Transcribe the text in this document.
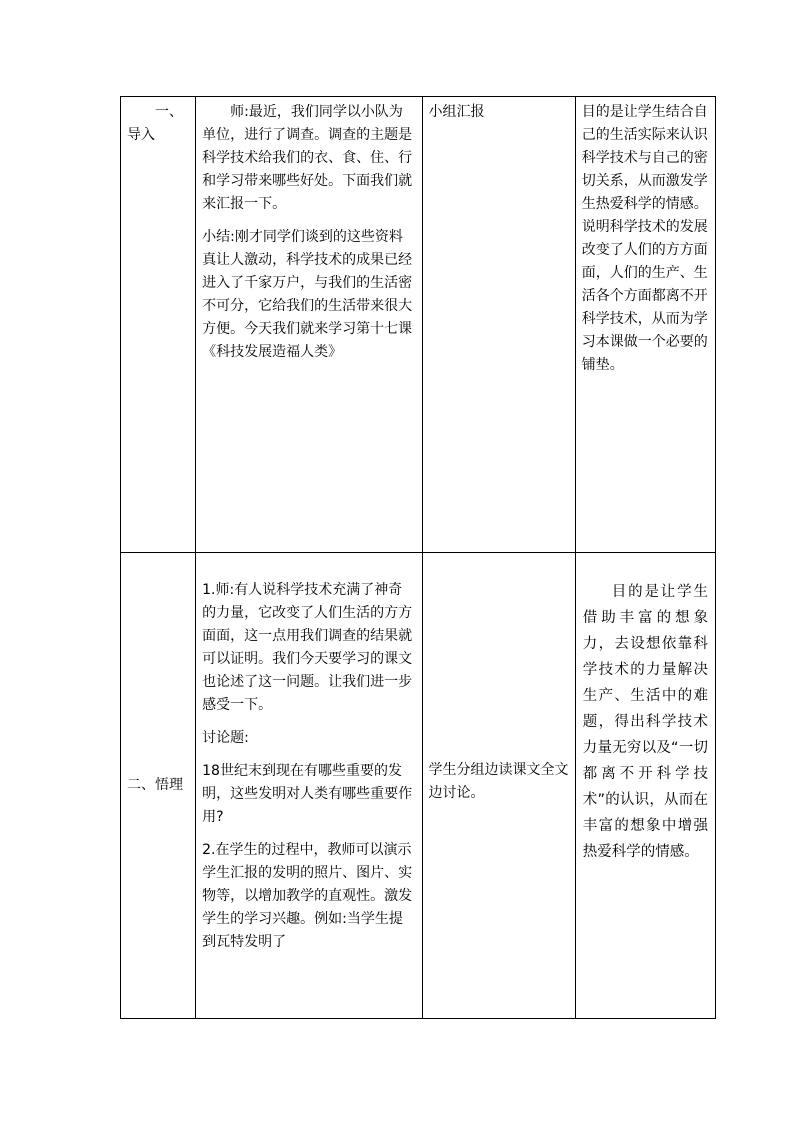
一、导入	师:最近，我们同学以小队为单位，进行了调查。调查的主题是科学技术给我们的衣、食、住、行和学习带来哪些好处。下面我们就来汇报一下。

小结:刚才同学们谈到的这些资料真让人激动，科学技术的成果已经进入了千家万户，与我们的生活密不可分，它给我们的生活带来很大方便。今天我们就来学习第十七课《科技发展造福人类》	小组汇报	目的是让学生结合自己的生活实际来认识科学技术与自己的密切关系，从而激发学生热爱科学的情感。说明科学技术的发展改变了人们的方方面面，人们的生产、生活各个方面都离不开科学技术，从而为学习本课做一个必要的铺垫。

二、悟理	1.师:有人说科学技术充满了神奇的力量，它改变了人们生活的方方面面，这一点用我们调查的结果就可以证明。我们今天要学习的课文也论述了这一问题。让我们进一步感受一下。

讨论题:

18世纪末到现在有哪些重要的发明，这些发明对人类有哪些重要作用?

2.在学生的过程中，教师可以演示学生汇报的发明的照片、图片、实物等，以增加教学的直观性。激发学生的学习兴趣。例如:当学生提到瓦特发明了	学生分组边读课文全文边讨论。	目的是让学生借助丰富的想象力，去设想依靠科学技术的力量解决生产、生活中的难题，得出科学技术力量无穷以及“一切都离不开科学技术”的认识，从而在丰富的想象中增强热爱科学的情感。
